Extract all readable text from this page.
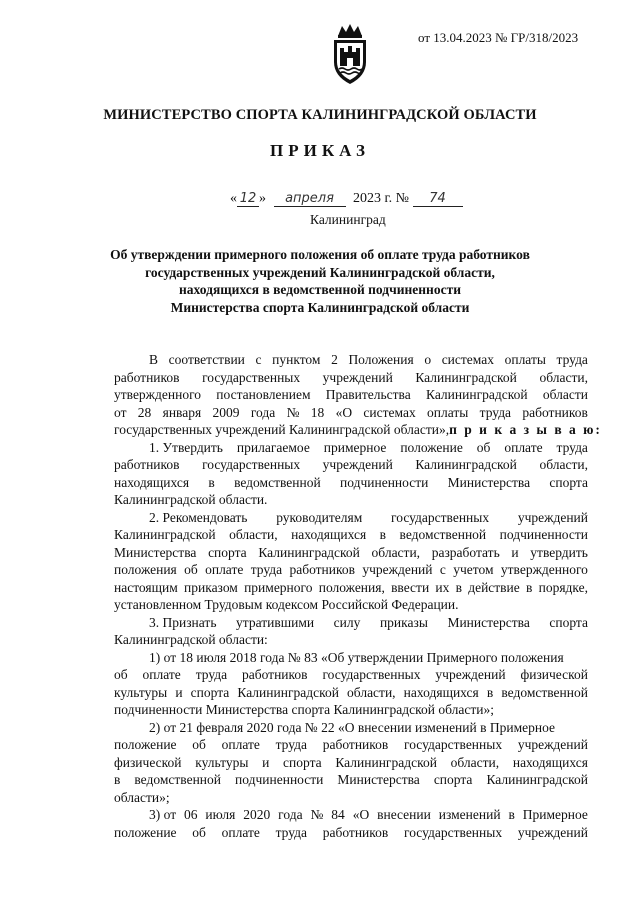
от 13.04.2023 № ГР/318/2023
МИНИСТЕРСТВО СПОРТА КАЛИНИНГРАДСКОЙ ОБЛАСТИ
ПРИКАЗ
« 12 » апреля 2023 г. № 74
Калининград
Об утверждении примерного положения об оплате труда работников
государственных учреждений Калининградской области,
находящихся в ведомственной подчиненности
Министерства спорта Калининградской области
В соответствии с пунктом 2 Положения о системах оплаты труда
работников государственных учреждений Калининградской области,
утвержденного постановлением Правительства Калининградской области
от 28 января 2009 года № 18 «О системах оплаты труда работников
государственных учреждений Калининградской области», п р и к а з ы в а ю:
1. Утвердить прилагаемое примерное положение об оплате труда
работников государственных учреждений Калининградской области,
находящихся в ведомственной подчиненности Министерства спорта
Калининградской области.
2. Рекомендовать руководителям государственных учреждений
Калининградской области, находящихся в ведомственной подчиненности
Министерства спорта Калининградской области, разработать и утвердить
положения об оплате труда работников учреждений с учетом утвержденного
настоящим приказом примерного положения, ввести их в действие в порядке,
установленном Трудовым кодексом Российской Федерации.
3. Признать утратившими силу приказы Министерства спорта
Калининградской области:
1) от 18 июля 2018 года № 83 «Об утверждении Примерного положения
об оплате труда работников государственных учреждений физической
культуры и спорта Калининградской области, находящихся в ведомственной
подчиненности Министерства спорта Калининградской области»;
2) от 21 февраля 2020 года № 22 «О внесении изменений в Примерное
положение об оплате труда работников государственных учреждений
физической культуры и спорта Калининградской области, находящихся
в ведомственной подчиненности Министерства спорта Калининградской
области»;
3) от 06 июля 2020 года № 84 «О внесении изменений в Примерное
положение об оплате труда работников государственных учреждений
